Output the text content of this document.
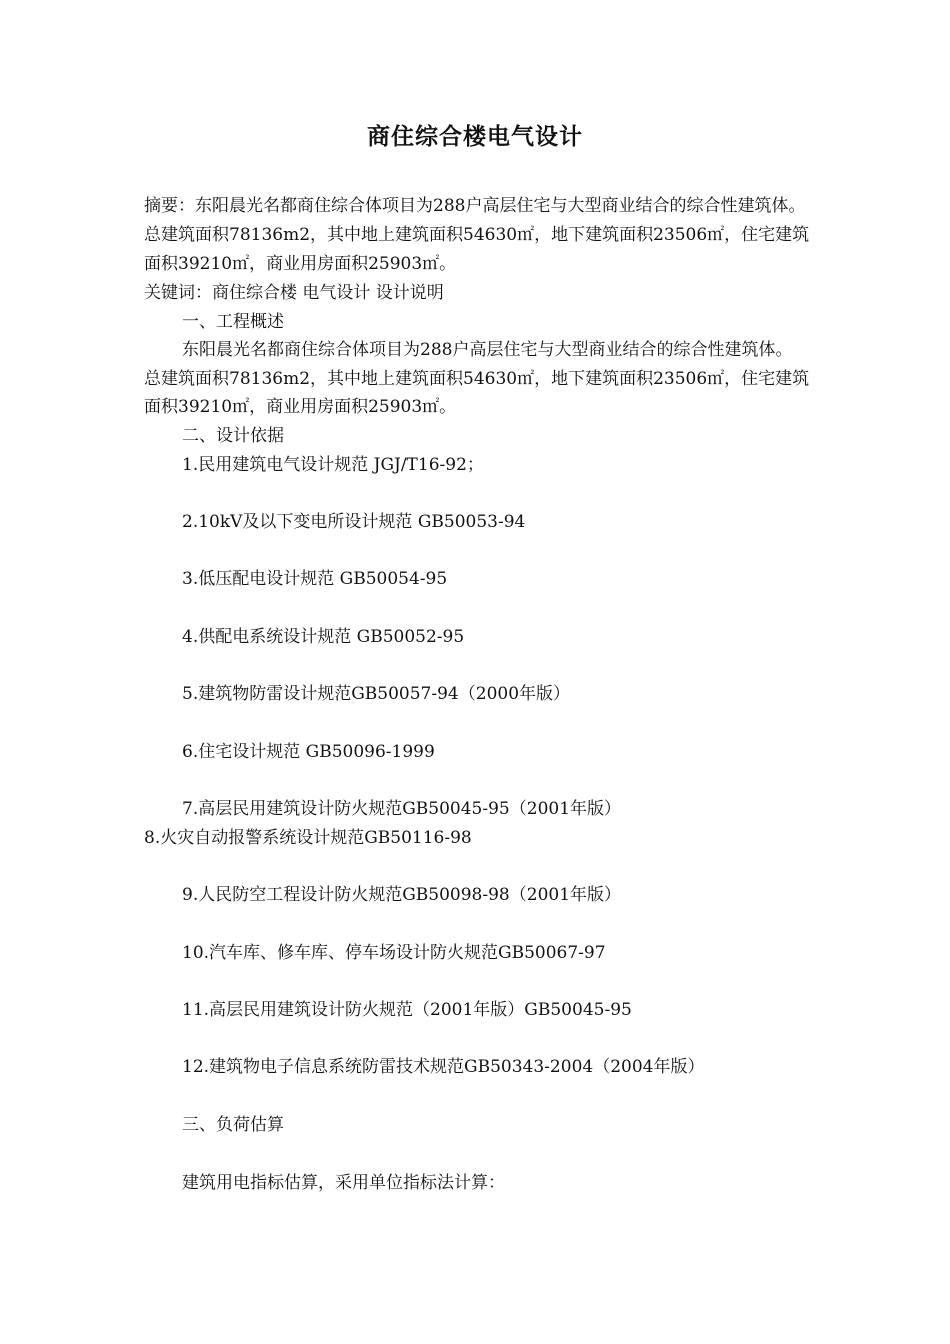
商住综合楼电气设计
摘要：东阳晨光名都商住综合体项目为288户高层住宅与大型商业结合的综合性建筑体。
总建筑面积78136m2，其中地上建筑面积54630㎡，地下建筑面积23506㎡，住宅建筑
面积39210㎡，商业用房面积25903㎡。
关键词：商住综合楼 电气设计 设计说明
一、工程概述
东阳晨光名都商住综合体项目为288户高层住宅与大型商业结合的综合性建筑体。
总建筑面积78136m2，其中地上建筑面积54630㎡，地下建筑面积23506㎡，住宅建筑
面积39210㎡，商业用房面积25903㎡。
二、设计依据
1.民用建筑电气设计规范 JGJ/T16-92；
2.10kV及以下变电所设计规范 GB50053-94
3.低压配电设计规范 GB50054-95
4.供配电系统设计规范 GB50052-95
5.建筑物防雷设计规范GB50057-94（2000年版）
6.住宅设计规范 GB50096-1999
7.高层民用建筑设计防火规范GB50045-95（2001年版）
8.火灾自动报警系统设计规范GB50116-98
9.人民防空工程设计防火规范GB50098-98（2001年版）
10.汽车库、修车库、停车场设计防火规范GB50067-97
11.高层民用建筑设计防火规范（2001年版）GB50045-95
12.建筑物电子信息系统防雷技术规范GB50343-2004（2004年版）
三、负荷估算
建筑用电指标估算，采用单位指标法计算：
